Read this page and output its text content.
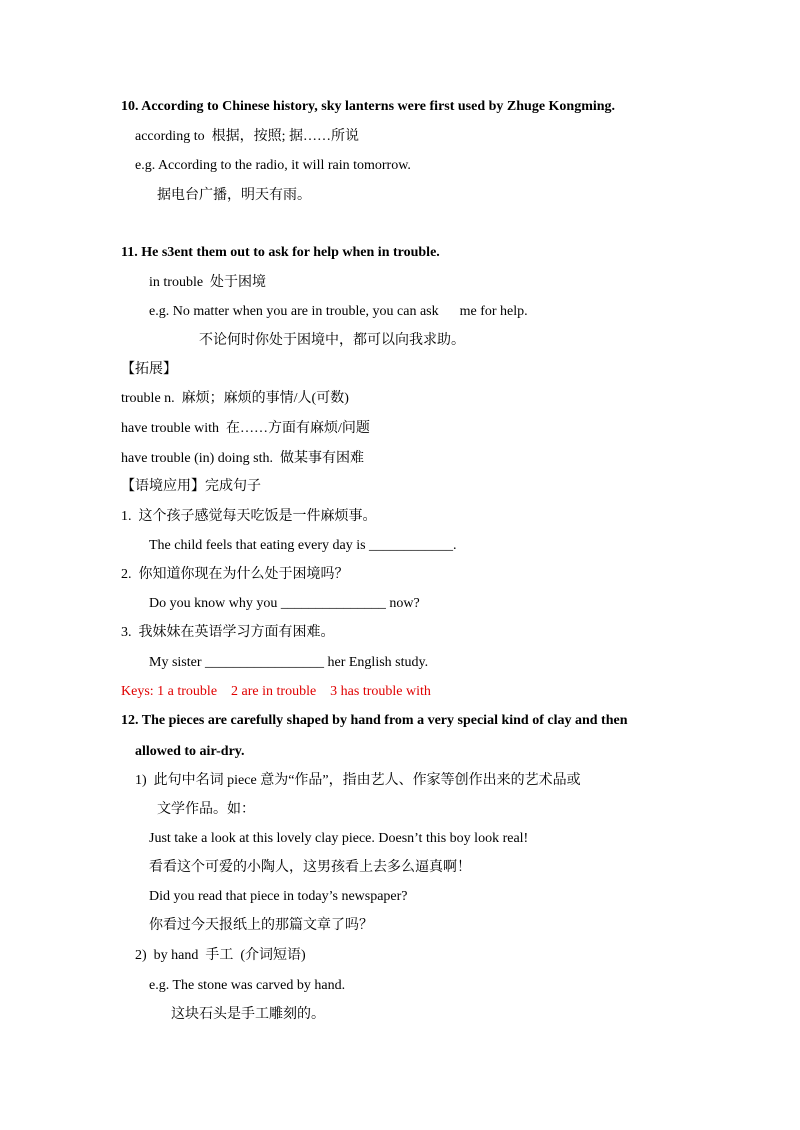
10. According to Chinese history, sky lanterns were first used by Zhuge Kongming.
according to  根据，按照; 据……所说
e.g. According to the radio, it will rain tomorrow.
据电台广播，明天有雨。
11. He s3ent them out to ask for help when in trouble.
in trouble  处于困境
e.g. No matter when you are in trouble, you can ask      me for help.
不论何时你处于困境中，都可以向我求助。
【拓展】
trouble n.  麻烦；麻烦的事情/人(可数)
have trouble with  在……方面有麻烦/问题
have trouble (in) doing sth.  做某事有困难
【语境应用】完成句子
1.  这个孩子感觉每天吃饭是一件麻烦事。
The child feels that eating every day is ____________.
2.  你知道你现在为什么处于困境吗？
Do you know why you _______________ now?
3.  我妹妹在英语学习方面有困难。
My sister _________________ her English study.
Keys: 1 a trouble    2 are in trouble    3 has trouble with
12. The pieces are carefully shaped by hand from a very special kind of clay and then
allowed to air-dry.
1)  此句中名词 piece 意为“作品”，指由艺人、作家等创作出来的艺术品或
文学作品。如：
Just take a look at this lovely clay piece. Doesn’t this boy look real!
看看这个可爱的小陶人，这男孩看上去多么逼真啊！
Did you read that piece in today’s newspaper?
你看过今天报纸上的那篇文章了吗？
2)  by hand  手工  (介词短语)
e.g. The stone was carved by hand.
这块石头是手工雕刻的。
